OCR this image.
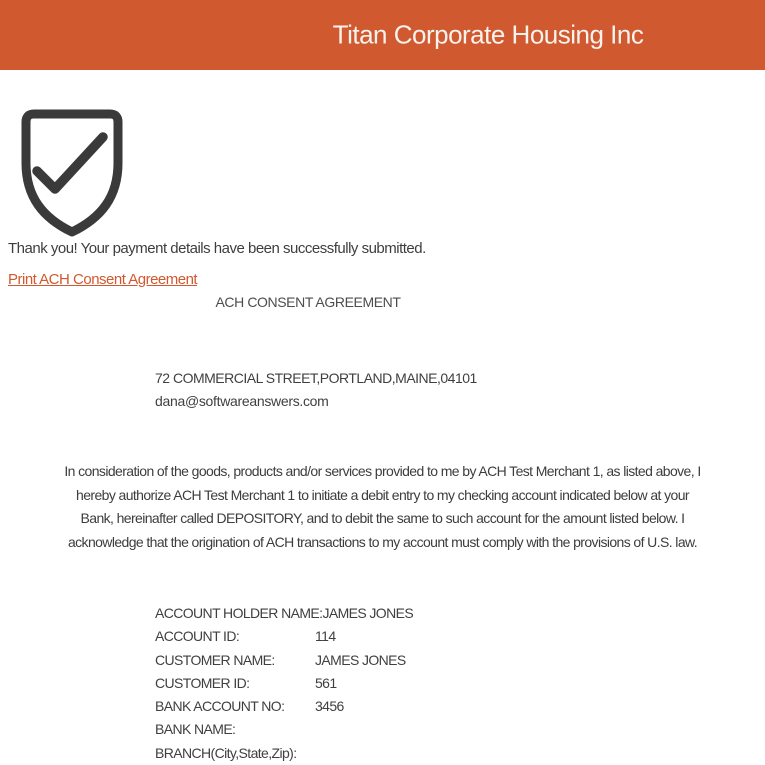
Titan Corporate Housing Inc
Thank you! Your payment details have been successfully submitted.
Print ACH Consent Agreement
ACH CONSENT AGREEMENT
72 COMMERCIAL STREET,PORTLAND,MAINE,04101
dana@softwareanswers.com
In consideration of the goods, products and/or services provided to me by ACH Test Merchant 1, as listed above, I
hereby authorize ACH Test Merchant 1 to initiate a debit entry to my checking account indicated below at your
Bank, hereinafter called DEPOSITORY, and to debit the same to such account for the amount listed below. I
acknowledge that the origination of ACH transactions to my account must comply with the provisions of U.S. law.
ACCOUNT HOLDER NAME: JAMES JONES
ACCOUNT ID:	114
CUSTOMER NAME:	JAMES JONES
CUSTOMER ID:	561
BANK ACCOUNT NO:	3456
BANK NAME:
BRANCH(City,State,Zip):
